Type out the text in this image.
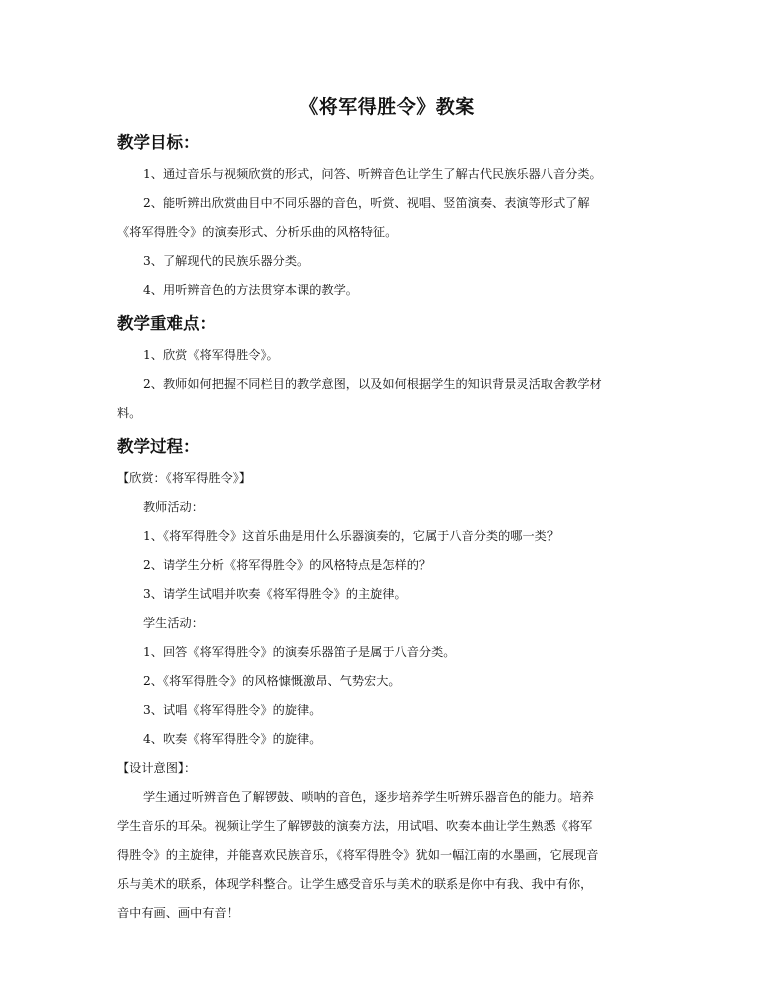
《将军得胜令》教案
教学目标：

1、通过音乐与视频欣赏的形式，问答、听辨音色让学生了解古代民族乐器八音分类。

2、能听辨出欣赏曲目中不同乐器的音色，听赏、视唱、竖笛演奏、表演等形式了解

《将军得胜令》的演奏形式、分析乐曲的风格特征。

3、了解现代的民族乐器分类。

4、用听辨音色的方法贯穿本课的教学。

教学重难点：

1、欣赏《将军得胜令》。

2、教师如何把握不同栏目的教学意图，以及如何根据学生的知识背景灵活取舍教学材

料。

教学过程：

【欣赏：《将军得胜令》】

教师活动：

1、《将军得胜令》这首乐曲是用什么乐器演奏的，它属于八音分类的哪一类？

2、请学生分析《将军得胜令》的风格特点是怎样的？

3、请学生试唱并吹奏《将军得胜令》的主旋律。

学生活动：

1、回答《将军得胜令》的演奏乐器笛子是属于八音分类。

2、《将军得胜令》的风格慷慨激昂、气势宏大。

3、试唱《将军得胜令》的旋律。

4、吹奏《将军得胜令》的旋律。

【设计意图】：

学生通过听辨音色了解锣鼓、唢呐的音色，逐步培养学生听辨乐器音色的能力。培养

学生音乐的耳朵。视频让学生了解锣鼓的演奏方法，用试唱、吹奏本曲让学生熟悉《将军

得胜令》的主旋律，并能喜欢民族音乐，《将军得胜令》犹如一幅江南的水墨画，它展现音

乐与美术的联系，体现学科整合。让学生感受音乐与美术的联系是你中有我、我中有你，

音中有画、画中有音！
